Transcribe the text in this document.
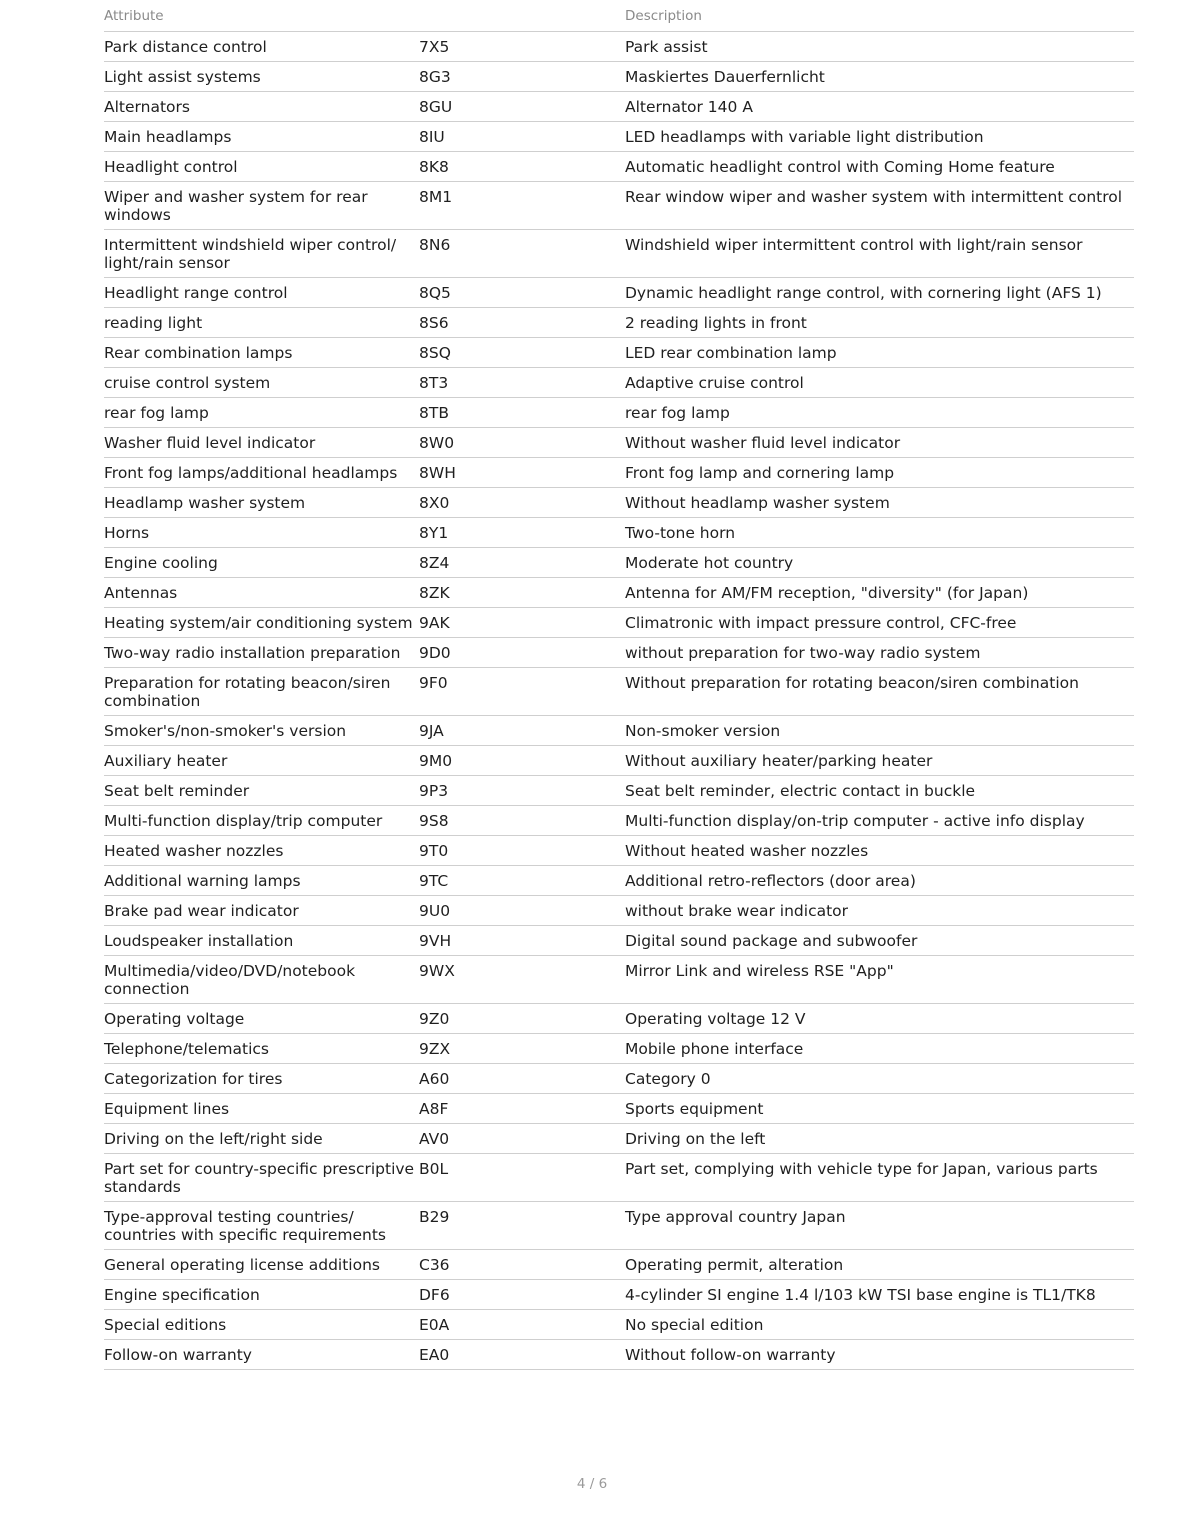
Attribute		Description
Park distance control	7X5	Park assist
Light assist systems	8G3	Maskiertes Dauerfernlicht
Alternators	8GU	Alternator 140 A
Main headlamps	8IU	LED headlamps with variable light distribution
Headlight control	8K8	Automatic headlight control with Coming Home feature
Wiper and washer system for rear windows	8M1	Rear window wiper and washer system with intermittent control
Intermittent windshield wiper control/ light/rain sensor	8N6	Windshield wiper intermittent control with light/rain sensor
Headlight range control	8Q5	Dynamic headlight range control, with cornering light (AFS 1)
reading light	8S6	2 reading lights in front
Rear combination lamps	8SQ	LED rear combination lamp
cruise control system	8T3	Adaptive cruise control
rear fog lamp	8TB	rear fog lamp
Washer fluid level indicator	8W0	Without washer fluid level indicator
Front fog lamps/additional headlamps	8WH	Front fog lamp and cornering lamp
Headlamp washer system	8X0	Without headlamp washer system
Horns	8Y1	Two-tone horn
Engine cooling	8Z4	Moderate hot country
Antennas	8ZK	Antenna for AM/FM reception, "diversity" (for Japan)
Heating system/air conditioning system	9AK	Climatronic with impact pressure control, CFC-free
Two-way radio installation preparation	9D0	without preparation for two-way radio system
Preparation for rotating beacon/siren combination	9F0	Without preparation for rotating beacon/siren combination
Smoker's/non-smoker's version	9JA	Non-smoker version
Auxiliary heater	9M0	Without auxiliary heater/parking heater
Seat belt reminder	9P3	Seat belt reminder, electric contact in buckle
Multi-function display/trip computer	9S8	Multi-function display/on-trip computer - active info display
Heated washer nozzles	9T0	Without heated washer nozzles
Additional warning lamps	9TC	Additional retro-reflectors (door area)
Brake pad wear indicator	9U0	without brake wear indicator
Loudspeaker installation	9VH	Digital sound package and subwoofer
Multimedia/video/DVD/notebook connection	9WX	Mirror Link and wireless RSE "App"
Operating voltage	9Z0	Operating voltage 12 V
Telephone/telematics	9ZX	Mobile phone interface
Categorization for tires	A60	Category 0
Equipment lines	A8F	Sports equipment
Driving on the left/right side	AV0	Driving on the left
Part set for country-specific prescriptive standards	B0L	Part set, complying with vehicle type for Japan, various parts
Type-approval testing countries/ countries with specific requirements	B29	Type approval country Japan
General operating license additions	C36	Operating permit, alteration
Engine specification	DF6	4-cylinder SI engine 1.4 l/103 kW TSI base engine is TL1/TK8
Special editions	E0A	No special edition
Follow-on warranty	EA0	Without follow-on warranty
4 / 6
